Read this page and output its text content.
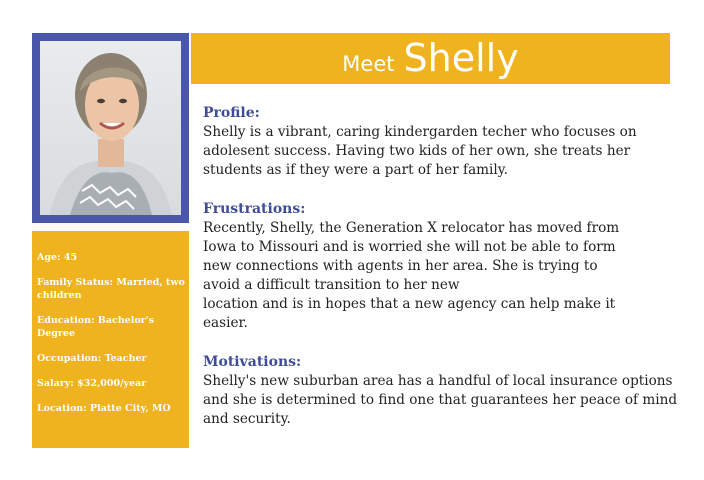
Age: 45
Family Status: Married, two children
Education: Bachelor's Degree
Occupation: Teacher
Salary: $32,000/year
Location: Platte City, MO
Meet Shelly
Profile:
Shelly is a vibrant, caring kindergarden techer who focuses on adolesent success. Having two kids of her own, she treats her students as if they were a part of her family.
Frustrations:
Recently, Shelly, the Generation X relocator has moved from
Iowa to Missouri and is worried she will not be able to form
new connections with agents in her area. She is trying to
avoid a difficult transition to her new
location and is in hopes that a new agency can help make it
easier.
Motivations:
Shelly's new suburban area has a handful of local insurance options and she is determined to find one that guarantees her peace of mind and security.
